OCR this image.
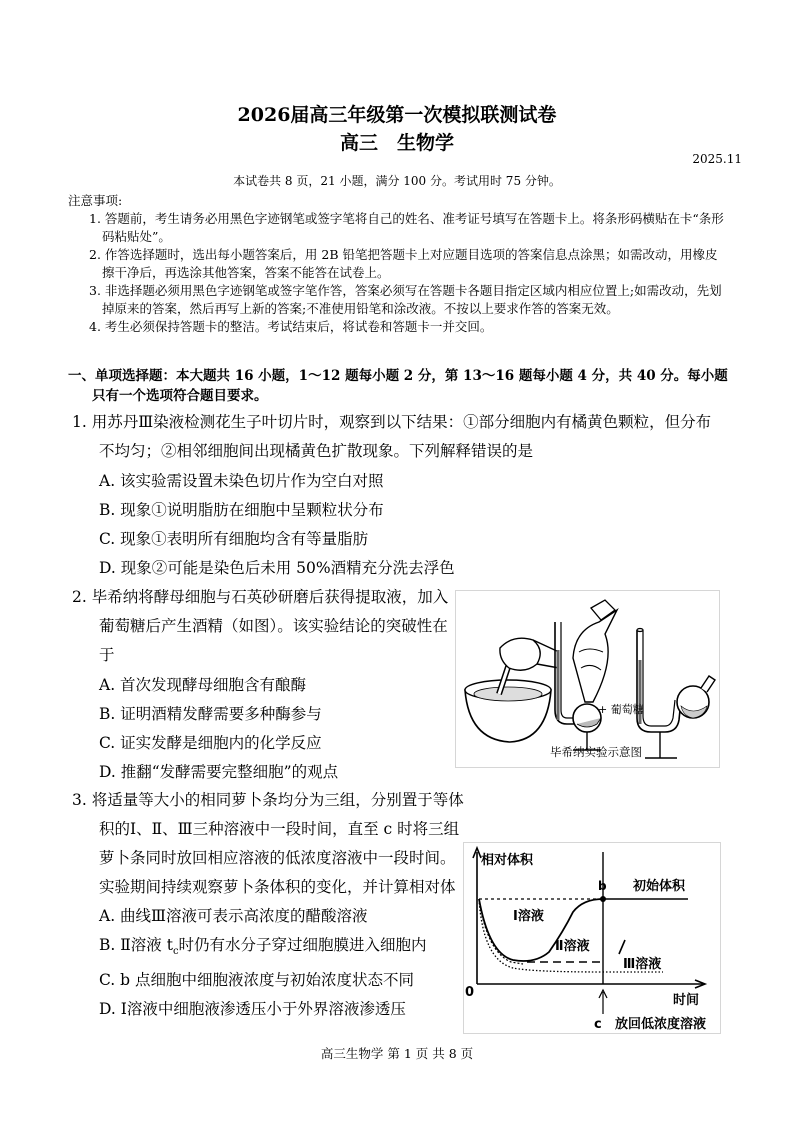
2026届高三年级第一次模拟联测试卷
高三　生物学
2025.11
本试卷共 8 页，21 小题，满分 100 分。考试用时 75 分钟。
注意事项:
1. 答题前，考生请务必用黑色字迹钢笔或签字笔将自己的姓名、准考证号填写在答题卡上。将条形码横贴在卡“条形码粘贴处”。
2. 作答选择题时，选出每小题答案后，用 2B 铅笔把答题卡上对应题目选项的答案信息点涂黑；如需改动，用橡皮擦干净后，再选涂其他答案，答案不能答在试卷上。
3. 非选择题必须用黑色字迹钢笔或签字笔作答，答案必须写在答题卡各题目指定区域内相应位置上;如需改动，先划掉原来的答案，然后再写上新的答案;不准使用铅笔和涂改液。不按以上要求作答的答案无效。
4. 考生必须保持答题卡的整洁。考试结束后，将试卷和答题卡一并交回。
一、单项选择题：本大题共 16 小题，1～12 题每小题 2 分，第 13～16 题每小题 4 分，共 40 分。每小题只有一个选项符合题目要求。
1. 用苏丹Ⅲ染液检测花生子叶切片时，观察到以下结果：①部分细胞内有橘黄色颗粒，但分布不均匀；②相邻细胞间出现橘黄色扩散现象。下列解释错误的是
A. 该实验需设置未染色切片作为空白对照
B. 现象①说明脂肪在细胞中呈颗粒状分布
C. 现象①表明所有细胞均含有等量脂肪
D. 现象②可能是染色后未用 50%酒精充分洗去浮色
2. 毕希纳将酵母细胞与石英砂研磨后获得提取液，加入葡萄糖后产生酒精（如图）。该实验结论的突破性在于
A. 首次发现酵母细胞含有酿酶
B. 证明酒精发酵需要多种酶参与
C. 证实发酵是细胞内的化学反应
D. 推翻“发酵需要完整细胞”的观点
+ 葡萄糖
毕希纳实验示意图
3. 将适量等大小的相同萝卜条均分为三组，分别置于等体积的Ⅰ、Ⅱ、Ⅲ三种溶液中一段时间，直至 c 时将三组萝卜条同时放回相应溶液的低浓度溶液中一段时间。实验期间持续观察萝卜条体积的变化，并计算相对体
A. 曲线Ⅲ溶液可表示高浓度的醋酸溶液
B. Ⅱ溶液 $t_c$时仍有水分子穿过细胞膜进入细胞内
C. b 点细胞中细胞液浓度与初始浓度状态不同
D. Ⅰ溶液中细胞液渗透压小于外界溶液渗透压
相对体积
0
时间
初始体积
c 放回低浓度溶液
b
Ⅰ溶液
Ⅱ溶液
Ⅲ溶液
高三生物学 第 1 页 共 8 页
